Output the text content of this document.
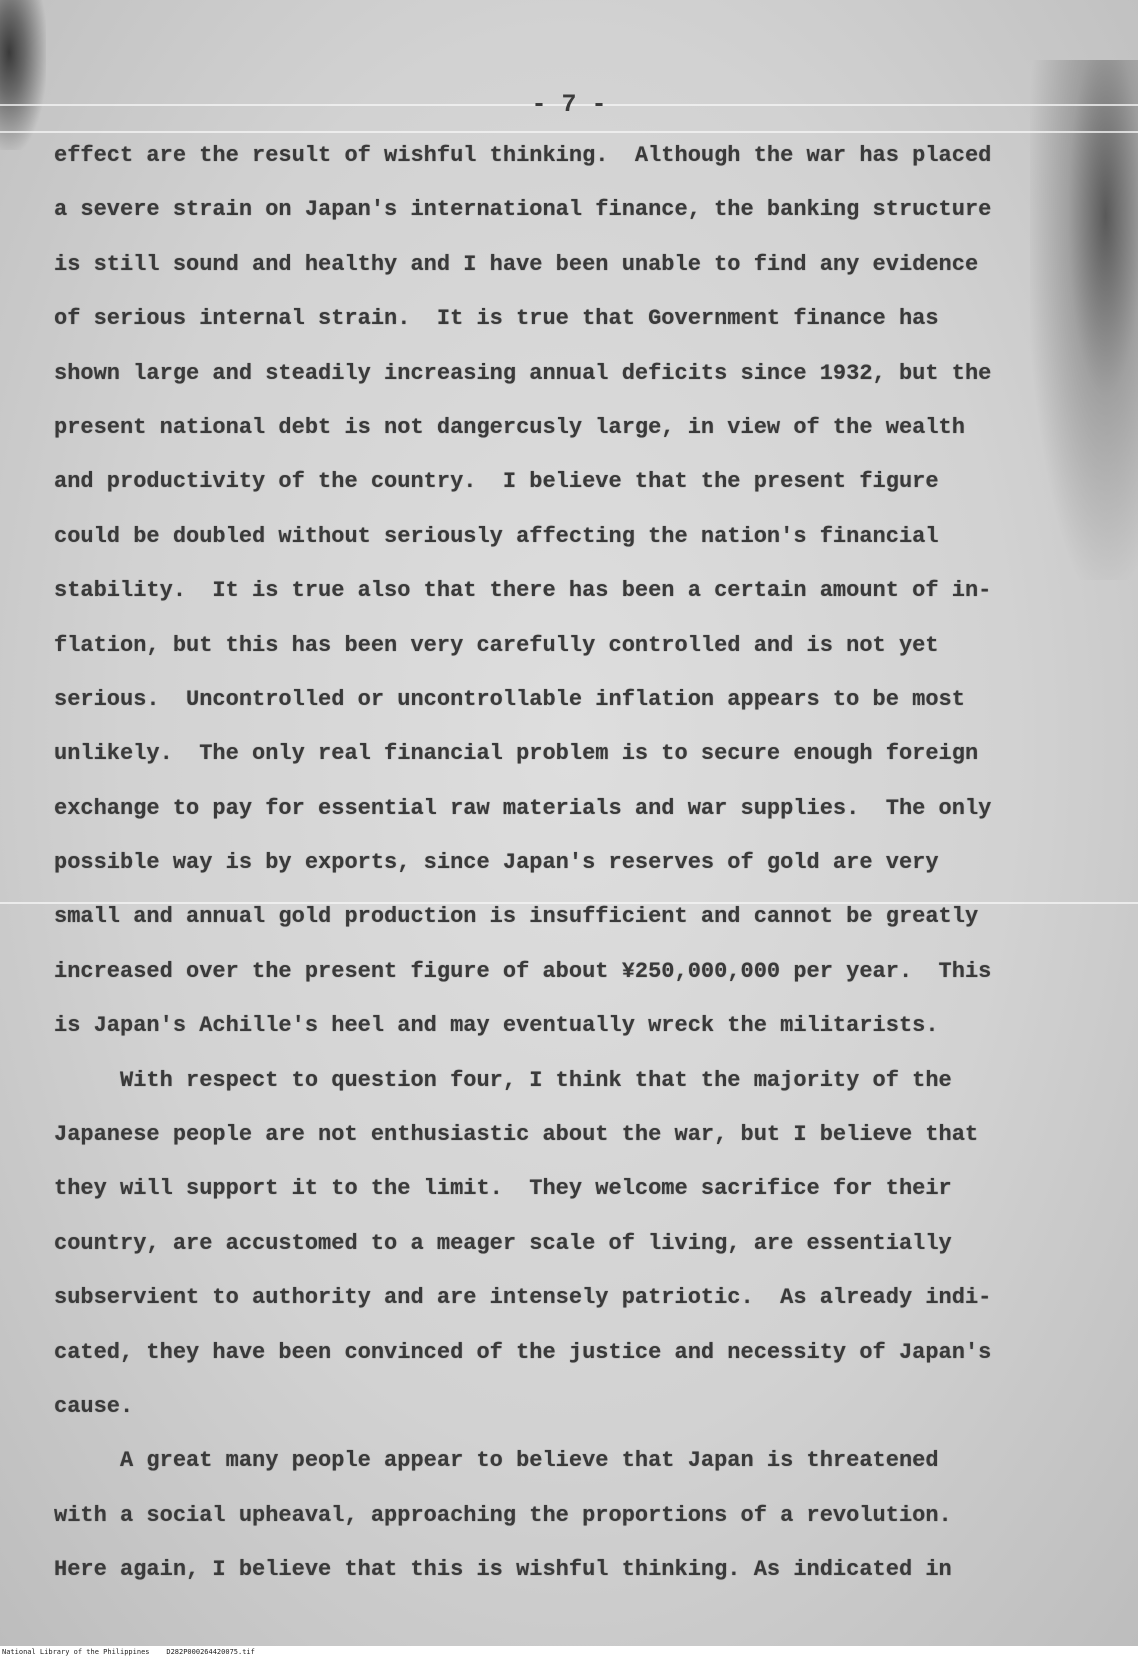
- 7 -

effect are the result of wishful thinking.  Although the war has placed
a severe strain on Japan's international finance, the banking structure
is still sound and healthy and I have been unable to find any evidence
of serious internal strain.  It is true that Government finance has
shown large and steadily increasing annual deficits since 1932, but the
present national debt is not dangercusly large, in view of the wealth
and productivity of the country.  I believe that the present figure
could be doubled without seriously affecting the nation's financial
stability.  It is true also that there has been a certain amount of in-
flation, but this has been very carefully controlled and is not yet
serious.  Uncontrolled or uncontrollable inflation appears to be most
unlikely.  The only real financial problem is to secure enough foreign
exchange to pay for essential raw materials and war supplies.  The only
possible way is by exports, since Japan's reserves of gold are very
small and annual gold production is insufficient and cannot be greatly
increased over the present figure of about ¥250,000,000 per year.  This
is Japan's Achille's heel and may eventually wreck the militarists.
With respect to question four, I think that the majority of the
Japanese people are not enthusiastic about the war, but I believe that
they will support it to the limit.  They welcome sacrifice for their
country, are accustomed to a meager scale of living, are essentially
subservient to authority and are intensely patriotic.  As already indi-
cated, they have been convinced of the justice and necessity of Japan's
cause.
A great many people appear to believe that Japan is threatened
with a social upheaval, approaching the proportions of a revolution.
Here again, I believe that this is wishful thinking. As indicated in
National Library of the Philippines    D282P000264420075.tif
